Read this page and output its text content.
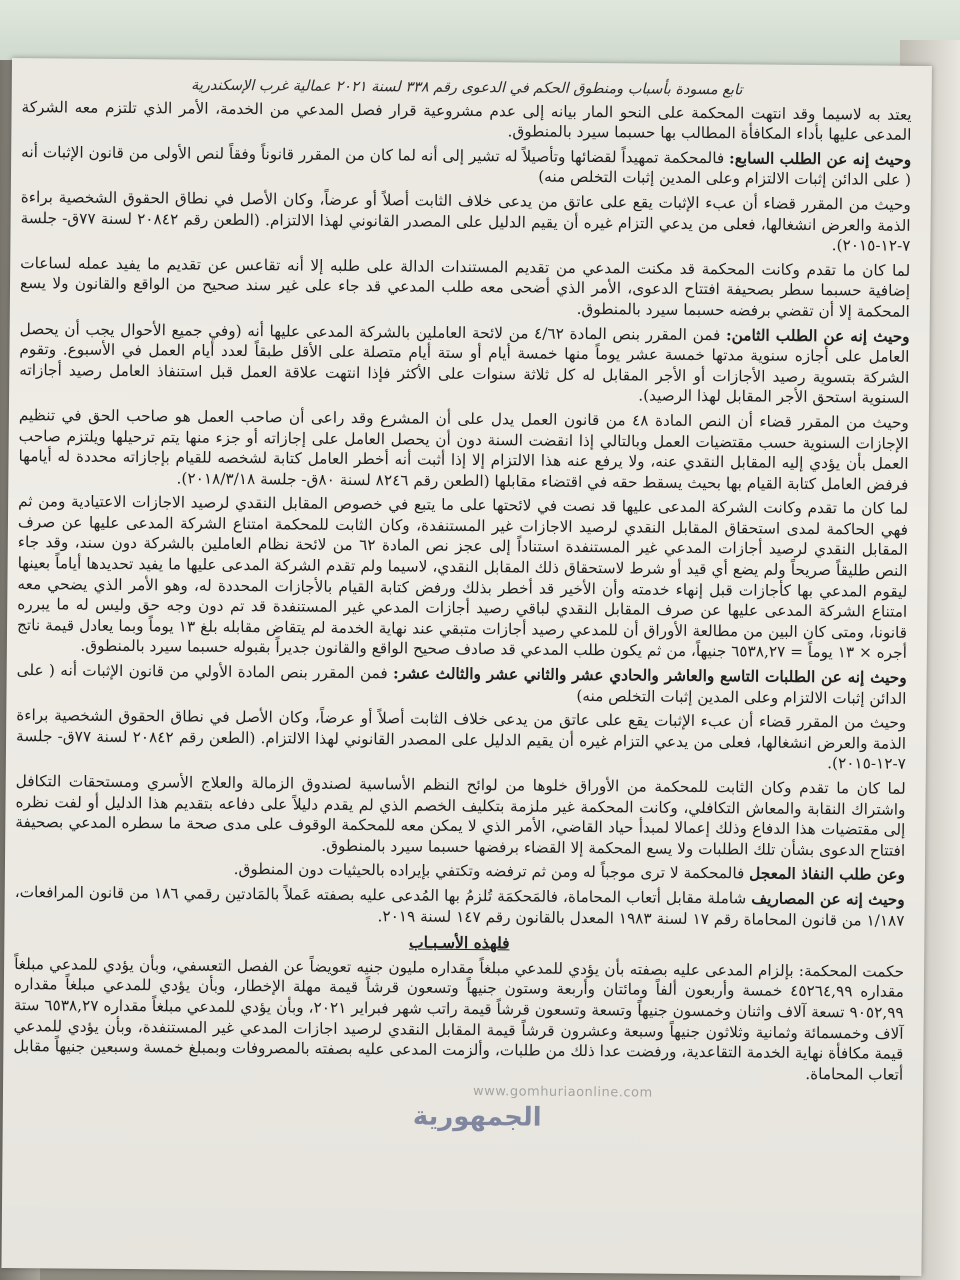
تابع مسودة بأسباب ومنطوق الحكم في الدعوى رقم ٣٣٨ لسنة ٢٠٢١ عمالية غرب الإسكندرية

يعتد به لاسيما وقد انتهت المحكمة على النحو المار بيانه إلى عدم مشروعية قرار فصل المدعي من الخدمة، الأمر الذي تلتزم معه الشركة المدعى عليها بأداء المكافأة المطالب بها حسبما سيرد بالمنطوق.

وحيث إنه عن الطلب السابع: فالمحكمة تمهيداً لقضائها وتأصيلاً له تشير إلى أنه لما كان من المقرر قانوناً وفقاً لنص الأولى من قانون الإثبات أنه ( على الدائن إثبات الالتزام وعلى المدين إثبات التخلص منه)

وحيث من المقرر قضاء أن عبء الإثبات يقع على عاتق من يدعى خلاف الثابت أصلاً أو عرضاً، وكان الأصل في نطاق الحقوق الشخصية براءة الذمة والعرض انشغالها، فعلى من يدعي التزام غيره أن يقيم الدليل على المصدر القانوني لهذا الالتزام. (الطعن رقم ٢٠٨٤٢ لسنة ٧٧ق- جلسة ٧-١٢-٢٠١٥).

لما كان ما تقدم وكانت المحكمة قد مكنت المدعي من تقديم المستندات الدالة على طلبه إلا أنه تقاعس عن تقديم ما يفيد عمله لساعات إضافية حسبما سطر بصحيفة افتتاح الدعوى، الأمر الذي أضحى معه طلب المدعي قد جاء على غير سند صحيح من الواقع والقانون ولا يسع المحكمة إلا أن تقضي برفضه حسبما سيرد بالمنطوق.

وحيث إنه عن الطلب الثامن: فمن المقرر بنص المادة ٤/٦٢ من لائحة العاملين بالشركة المدعى عليها أنه (وفي جميع الأحوال يجب أن يحصل العامل على أجازه سنوية مدتها خمسة عشر يوماً منها خمسة أيام أو ستة أيام متصلة على الأقل طبقاً لعدد أيام العمل في الأسبوع. وتقوم الشركة بتسوية رصيد الأجازات أو الأجر المقابل له كل ثلاثة سنوات على الأكثر فإذا انتهت علاقة العمل قبل استنفاذ العامل رصيد أجازاته السنوية استحق الأجر المقابل لهذا الرصيد).

وحيث من المقرر قضاء أن النص المادة ٤٨ من قانون العمل يدل على أن المشرع وقد راعى أن صاحب العمل هو صاحب الحق في تنظيم الإجازات السنوية حسب مقتضيات العمل وبالتالي إذا انقضت السنة دون أن يحصل العامل على إجازاته أو جزء منها يتم ترحيلها ويلتزم صاحب العمل بأن يؤدي إليه المقابل النقدي عنه، ولا يرفع عنه هذا الالتزام إلا إذا أثبت أنه أخطر العامل كتابة لشخصه للقيام بإجازاته محددة له أيامها فرفض العامل كتابة القيام بها بحيث يسقط حقه في اقتضاء مقابلها (الطعن رقم ٨٢٤٦ لسنة ٨٠ق- جلسة ٢٠١٨/٣/١٨).

لما كان ما تقدم وكانت الشركة المدعى عليها قد نصت في لائحتها على ما يتبع في خصوص المقابل النقدي لرصيد الاجازات الاعتيادية ومن ثم فهي الحاكمة لمدى استحقاق المقابل النقدي لرصيد الاجازات غير المستنفدة، وكان الثابت للمحكمة امتناع الشركة المدعى عليها عن صرف المقابل النقدي لرصيد أجازات المدعي غير المستنفدة استناداً إلى عجز نص المادة ٦٢ من لائحة نظام العاملين بالشركة دون سند، وقد جاء النص طليقاً صريحاً ولم يضع أي قيد أو شرط لاستحقاق ذلك المقابل النقدي، لاسيما ولم تقدم الشركة المدعى عليها ما يفيد تحديدها أياماً بعينها ليقوم المدعي بها كأجازات قبل إنهاء خدمته وأن الأخير قد أخطر بذلك ورفض كتابة القيام بالأجازات المحددة له، وهو الأمر الذي يضحي معه امتناع الشركة المدعى عليها عن صرف المقابل النقدي لباقي رصيد أجازات المدعي غير المستنفدة قد تم دون وجه حق وليس له ما يبرره قانونا، ومتى كان البين من مطالعة الأوراق أن للمدعي رصيد أجازات متبقي عند نهاية الخدمة لم يتقاض مقابله بلغ ١٣ يوماً وبما يعادل قيمة ناتج أجره × ١٣ يوماً = ٦٥٣٨,٢٧ جنيهاً، من ثم يكون طلب المدعي قد صادف صحيح الواقع والقانون جديراً بقبوله حسبما سيرد بالمنطوق.

وحيث إنه عن الطلبات التاسع والعاشر والحادي عشر والثاني عشر والثالث عشر: فمن المقرر بنص المادة الأولي من قانون الإثبات أنه ( على الدائن إثبات الالتزام وعلى المدين إثبات التخلص منه)

وحيث من المقرر قضاء أن عبء الإثبات يقع على عاتق من يدعى خلاف الثابت أصلاً أو عرضاً، وكان الأصل في نطاق الحقوق الشخصية براءة الذمة والعرض انشغالها، فعلى من يدعي التزام غيره أن يقيم الدليل على المصدر القانوني لهذا الالتزام. (الطعن رقم ٢٠٨٤٢ لسنة ٧٧ق- جلسة ٧-١٢-٢٠١٥).

لما كان ما تقدم وكان الثابت للمحكمة من الأوراق خلوها من لوائح النظم الأساسية لصندوق الزمالة والعلاج الأسري ومستحقات التكافل واشتراك النقابة والمعاش التكافلي، وكانت المحكمة غير ملزمة بتكليف الخصم الذي لم يقدم دليلاً على دفاعه بتقديم هذا الدليل أو لفت نظره إلى مقتضيات هذا الدفاع وذلك إعمالا لمبدأ حياد القاضي، الأمر الذي لا يمكن معه للمحكمة الوقوف على مدى صحة ما سطره المدعي بصحيفة افتتاح الدعوى بشأن تلك الطلبات ولا يسع المحكمة إلا القضاء برفضها حسبما سيرد بالمنطوق.

وعن طلب النفاذ المعجل فالمحكمة لا ترى موجباً له ومن ثم ترفضه وتكتفي بإيراده بالحيثيات دون المنطوق.

وحيث إنه عن المصاريف شاملة مقابل أتعاب المحاماة، فالمَحكمَة تُلزمُ بها المُدعى عليه بصفته عَملاً بالمَادتين رقمي ١٨٦ من قانون المرافعات، ١/١٨٧ من قانون المحاماة رقم ١٧ لسنة ١٩٨٣ المعدل بالقانون رقم ١٤٧ لسنة ٢٠١٩.

فلهذه الأسـبـاب

حكمت المحكمة: بإلزام المدعى عليه بصفته بأن يؤدي للمدعي مبلغاً مقداره مليون جنيه تعويضاً عن الفصل التعسفي، وبأن يؤدي للمدعي مبلغاً مقداره ٤٥٢٦٤,٩٩ خمسة وأربعون ألفاً ومائتان وأربعة وستون جنيهاً وتسعون قرشاً قيمة مهلة الإخطار، وبأن يؤدي للمدعي مبلغاً مقداره ٩٠٥٢,٩٩ تسعة آلاف واثنان وخمسون جنيهاً وتسعة وتسعون قرشاً قيمة راتب شهر فبراير ٢٠٢١، وبأن يؤدي للمدعي مبلغاً مقداره ٦٥٣٨,٢٧ ستة آلاف وخمسمائة وثمانية وثلاثون جنيهاً وسبعة وعشرون قرشاً قيمة المقابل النقدي لرصيد اجازات المدعي غير المستنفدة، وبأن يؤدي للمدعي قيمة مكافأة نهاية الخدمة التقاعدية، ورفضت عدا ذلك من طلبات، وألزمت المدعى عليه بصفته بالمصروفات وبمبلغ خمسة وسبعين جنيهاً مقابل أتعاب المحاماة.

www.gomhuriaonline.com
الجمهورية
